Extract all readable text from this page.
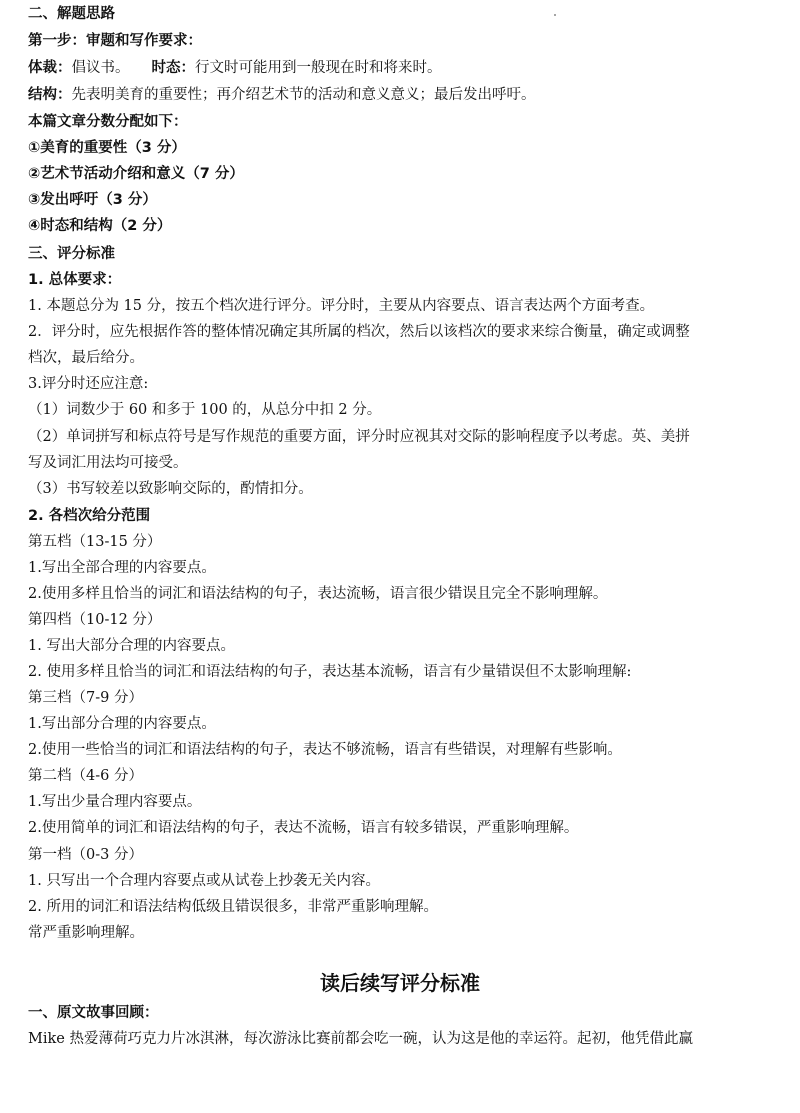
二、解题思路
第一步：审题和写作要求：
体裁：倡议书。 时态：行文时可能用到一般现在时和将来时。
结构：先表明美育的重要性；再介绍艺术节的活动和意义意义；最后发出呼吁。
本篇文章分数分配如下：
①美育的重要性（3 分）
②艺术节活动介绍和意义（7 分）
③发出呼吁（3 分）
④时态和结构（2 分）
三、评分标准
1. 总体要求：
1. 本题总分为 15 分，按五个档次进行评分。评分时，主要从内容要点、语言表达两个方面考查。
2．评分时，应先根据作答的整体情况确定其所属的档次，然后以该档次的要求来综合衡量，确定或调整
档次，最后给分。
3.评分时还应注意:
（1）词数少于 60 和多于 100 的，从总分中扣 2 分。
（2）单词拼写和标点符号是写作规范的重要方面，评分时应视其对交际的影响程度予以考虑。英、美拼
写及词汇用法均可接受。
（3）书写较差以致影响交际的，酌情扣分。
2. 各档次给分范围
第五档（13-15 分）
1.写出全部合理的内容要点。
2.使用多样且恰当的词汇和语法结构的句子，表达流畅，语言很少错误且完全不影响理解。
第四档（10-12 分）
1. 写出大部分合理的内容要点。
2. 使用多样且恰当的词汇和语法结构的句子，表达基本流畅，语言有少量错误但不太影响理解:
第三档（7-9 分）
1.写出部分合理的内容要点。
2.使用一些恰当的词汇和语法结构的句子，表达不够流畅，语言有些错误，对理解有些影响。
第二档（4-6 分）
1.写出少量合理内容要点。
2.使用简单的词汇和语法结构的句子，表达不流畅，语言有较多错误，严重影响理解。
第一档（0-3 分）
1. 只写出一个合理内容要点或从试卷上抄袭无关内容。
2. 所用的词汇和语法结构低级且错误很多，非常严重影响理解。
常严重影响理解。
读后续写评分标准
一、原文故事回顾：
Mike 热爱薄荷巧克力片冰淇淋，每次游泳比赛前都会吃一碗，认为这是他的幸运符。起初，他凭借此赢
